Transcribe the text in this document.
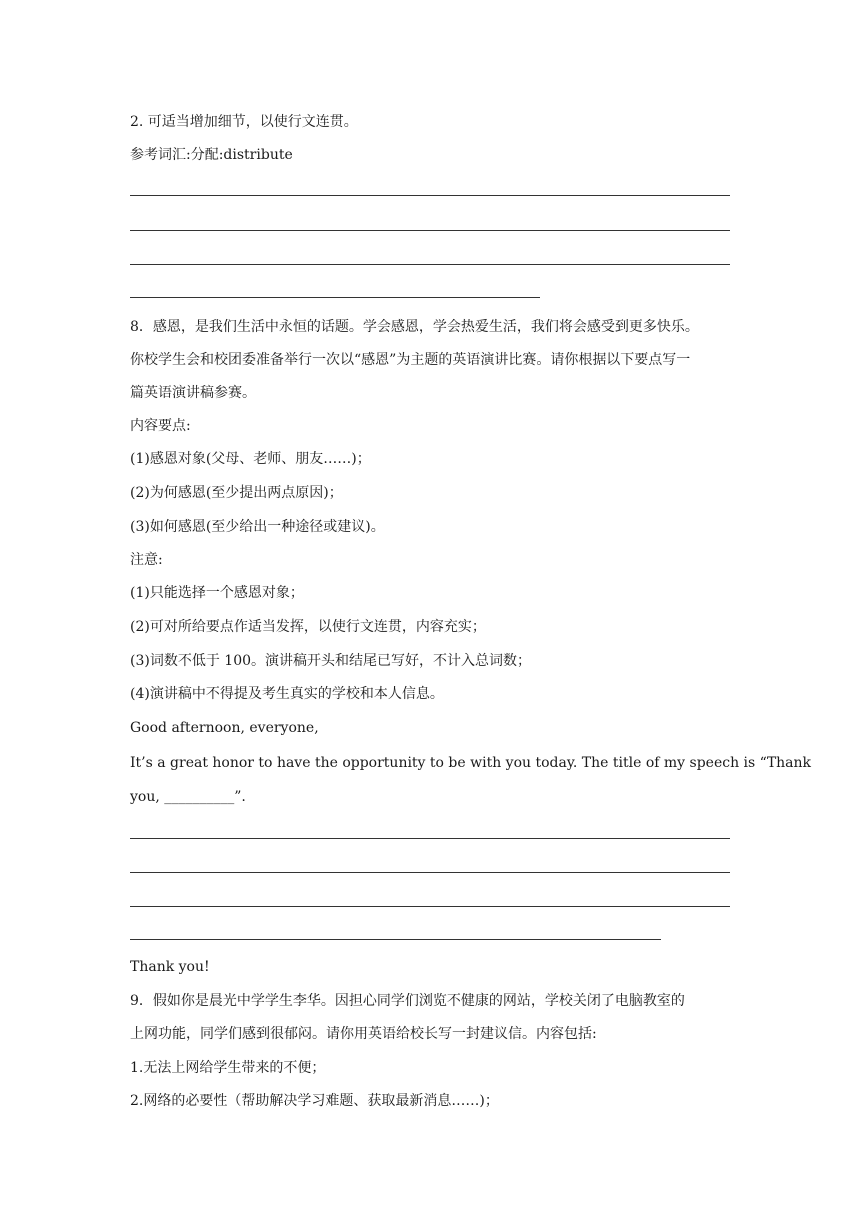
2. 可适当增加细节，以使行文连贯。
参考词汇:分配:distribute
8．感恩，是我们生活中永恒的话题。学会感恩，学会热爱生活，我们将会感受到更多快乐。
你校学生会和校团委准备举行一次以“感恩”为主题的英语演讲比赛。请你根据以下要点写一
篇英语演讲稿参赛。
内容要点:
(1)感恩对象(父母、老师、朋友……)；
(2)为何感恩(至少提出两点原因)；
(3)如何感恩(至少给出一种途径或建议)。
注意:
(1)只能选择一个感恩对象；
(2)可对所给要点作适当发挥，以使行文连贯，内容充实；
(3)词数不低于 100。演讲稿开头和结尾已写好，不计入总词数；
(4)演讲稿中不得提及考生真实的学校和本人信息。
Good afternoon, everyone,
It’s a great honor to have the opportunity to be with you today. The title of my speech is “Thank
you, __________”.
Thank you!
9．假如你是晨光中学学生李华。因担心同学们浏览不健康的网站，学校关闭了电脑教室的
上网功能，同学们感到很郁闷。请你用英语给校长写一封建议信。内容包括:
1.无法上网给学生带来的不便；
2.网络的必要性（帮助解决学习难题、获取最新消息……)；
